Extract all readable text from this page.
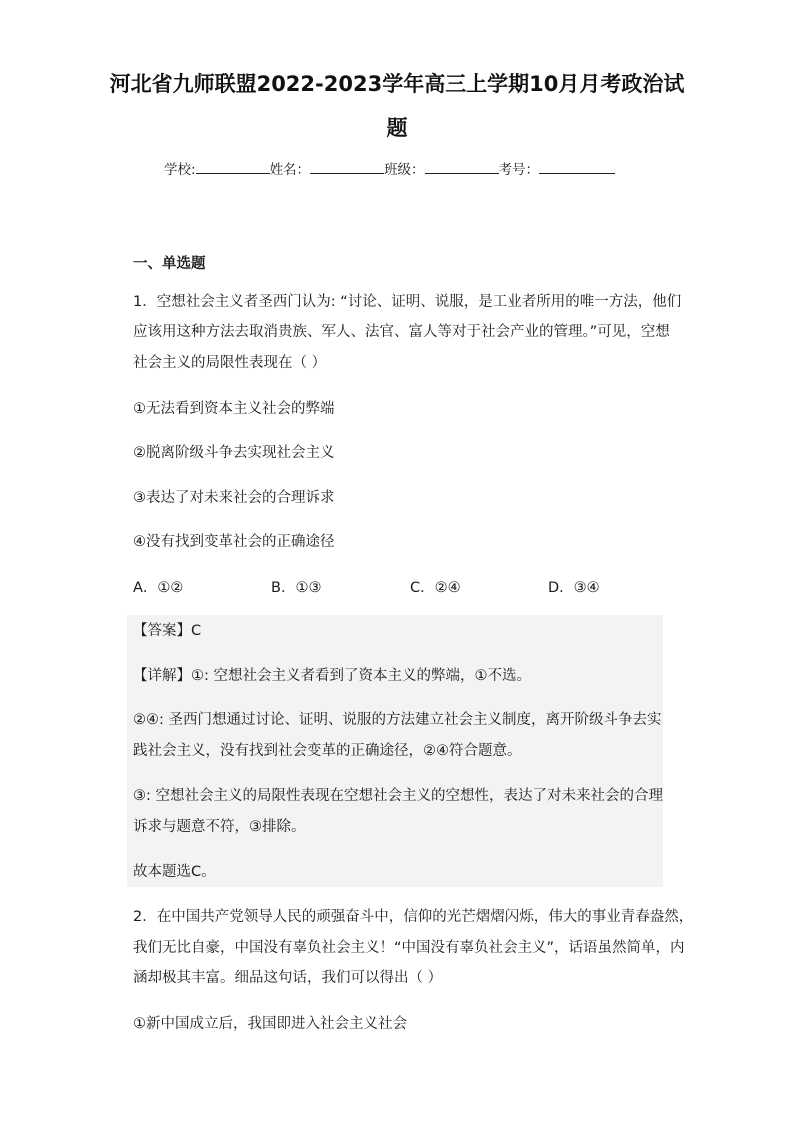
河北省九师联盟2022-2023学年高三上学期10月月考政治试
题
学校:	姓名：	班级：	考号：
一、单选题
1．空想社会主义者圣西门认为: “讨论、证明、说服，是工业者所用的唯一方法，他们
应该用这种方法去取消贵族、军人、法官、富人等对于社会产业的管理。”可见，空想
社会主义的局限性表现在（ ）
①无法看到资本主义社会的弊端
②脱离阶级斗争去实现社会主义
③表达了对未来社会的合理诉求
④没有找到变革社会的正确途径
A．①②	B．①③	C．②④	D．③④
【答案】C
【详解】①: 空想社会主义者看到了资本主义的弊端，①不选。
②④: 圣西门想通过讨论、证明、说服的方法建立社会主义制度，离开阶级斗争去实
践社会主义，没有找到社会变革的正确途径，②④符合题意。
③: 空想社会主义的局限性表现在空想社会主义的空想性，表达了对未来社会的合理
诉求与题意不符，③排除。
故本题选C。
2．在中国共产党领导人民的顽强奋斗中，信仰的光芒熠熠闪烁，伟大的事业青春盎然，
我们无比自豪，中国没有辜负社会主义！“中国没有辜负社会主义”，话语虽然简单，内
涵却极其丰富。细品这句话，我们可以得出（ ）
①新中国成立后，我国即进入社会主义社会
